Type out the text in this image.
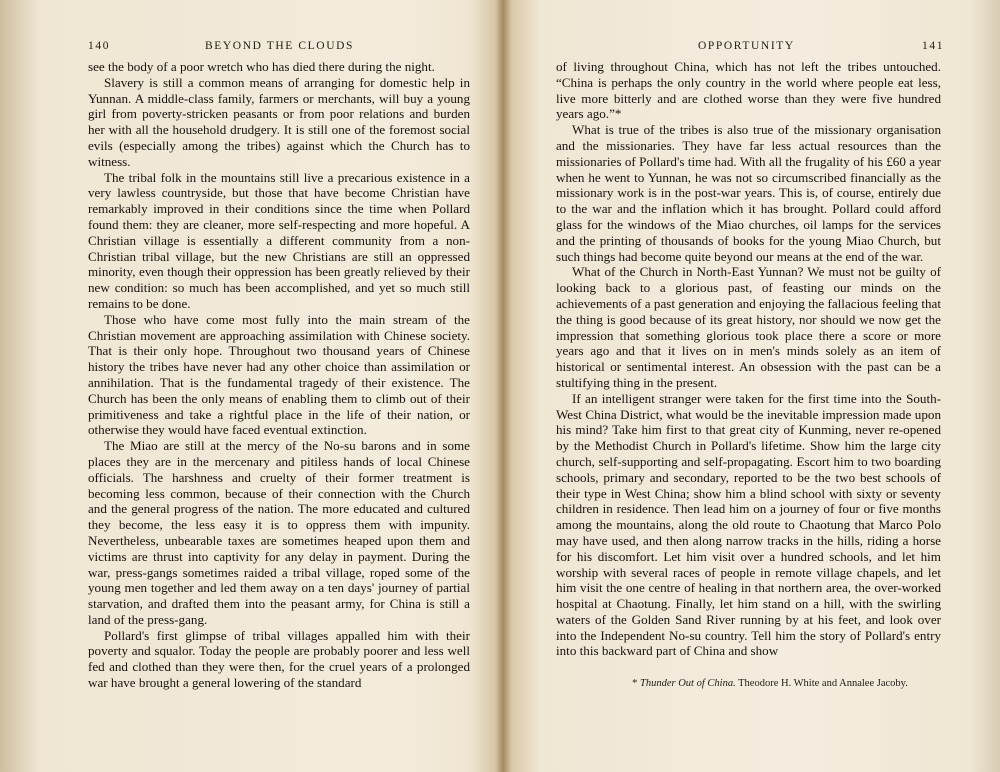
140	BEYOND THE CLOUDS

see the body of a poor wretch who has died there during the night.

Slavery is still a common means of arranging for domestic help in Yunnan. A middle-class family, farmers or merchants, will buy a young girl from poverty-stricken peasants or from poor relations and burden her with all the household drudgery. It is still one of the foremost social evils (especially among the tribes) against which the Church has to witness.

The tribal folk in the mountains still live a precarious existence in a very lawless countryside, but those that have become Christian have remarkably improved in their conditions since the time when Pollard found them: they are cleaner, more self-respecting and more hopeful. A Christian village is essentially a different community from a non-Christian tribal village, but the new Christians are still an oppressed minority, even though their oppression has been greatly relieved by their new condition: so much has been accomplished, and yet so much still remains to be done.

Those who have come most fully into the main stream of the Christian movement are approaching assimilation with Chinese society. That is their only hope. Throughout two thousand years of Chinese history the tribes have never had any other choice than assimilation or annihilation. That is the fundamental tragedy of their existence. The Church has been the only means of enabling them to climb out of their primitiveness and take a rightful place in the life of their nation, or otherwise they would have faced eventual extinction.

The Miao are still at the mercy of the No-su barons and in some places they are in the mercenary and pitiless hands of local Chinese officials. The harshness and cruelty of their former treatment is becoming less common, because of their connection with the Church and the general progress of the nation. The more educated and cultured they become, the less easy it is to oppress them with impunity. Nevertheless, unbearable taxes are sometimes heaped upon them and victims are thrust into captivity for any delay in payment. During the war, press-gangs sometimes raided a tribal village, roped some of the young men together and led them away on a ten days' journey of partial starvation, and drafted them into the peasant army, for China is still a land of the press-gang.

Pollard's first glimpse of tribal villages appalled him with their poverty and squalor. Today the people are probably poorer and less well fed and clothed than they were then, for the cruel years of a prolonged war have brought a general lowering of the standard

OPPORTUNITY	141

of living throughout China, which has not left the tribes untouched. “China is perhaps the only country in the world where people eat less, live more bitterly and are clothed worse than they were five hundred years ago.”*

What is true of the tribes is also true of the missionary organisation and the missionaries. They have far less actual resources than the missionaries of Pollard's time had. With all the frugality of his £60 a year when he went to Yunnan, he was not so circumscribed financially as the missionary work is in the post-war years. This is, of course, entirely due to the war and the inflation which it has brought. Pollard could afford glass for the windows of the Miao churches, oil lamps for the services and the printing of thousands of books for the young Miao Church, but such things had become quite beyond our means at the end of the war.

What of the Church in North-East Yunnan? We must not be guilty of looking back to a glorious past, of feasting our minds on the achievements of a past generation and enjoying the fallacious feeling that the thing is good because of its great history, nor should we now get the impression that something glorious took place there a score or more years ago and that it lives on in men's minds solely as an item of historical or sentimental interest. An obsession with the past can be a stultifying thing in the present.

If an intelligent stranger were taken for the first time into the South-West China District, what would be the inevitable impression made upon his mind? Take him first to that great city of Kunming, never re-opened by the Methodist Church in Pollard's lifetime. Show him the large city church, self-supporting and self-propagating. Escort him to two boarding schools, primary and secondary, reported to be the two best schools of their type in West China; show him a blind school with sixty or seventy children in residence. Then lead him on a journey of four or five months among the mountains, along the old route to Chaotung that Marco Polo may have used, and then along narrow tracks in the hills, riding a horse for his discomfort. Let him visit over a hundred schools, and let him worship with several races of people in remote village chapels, and let him visit the one centre of healing in that northern area, the over-worked hospital at Chaotung. Finally, let him stand on a hill, with the swirling waters of the Golden Sand River running by at his feet, and look over into the Independent No-su country. Tell him the story of Pollard's entry into this backward part of China and show

* Thunder Out of China. Theodore H. White and Annalee Jacoby.
